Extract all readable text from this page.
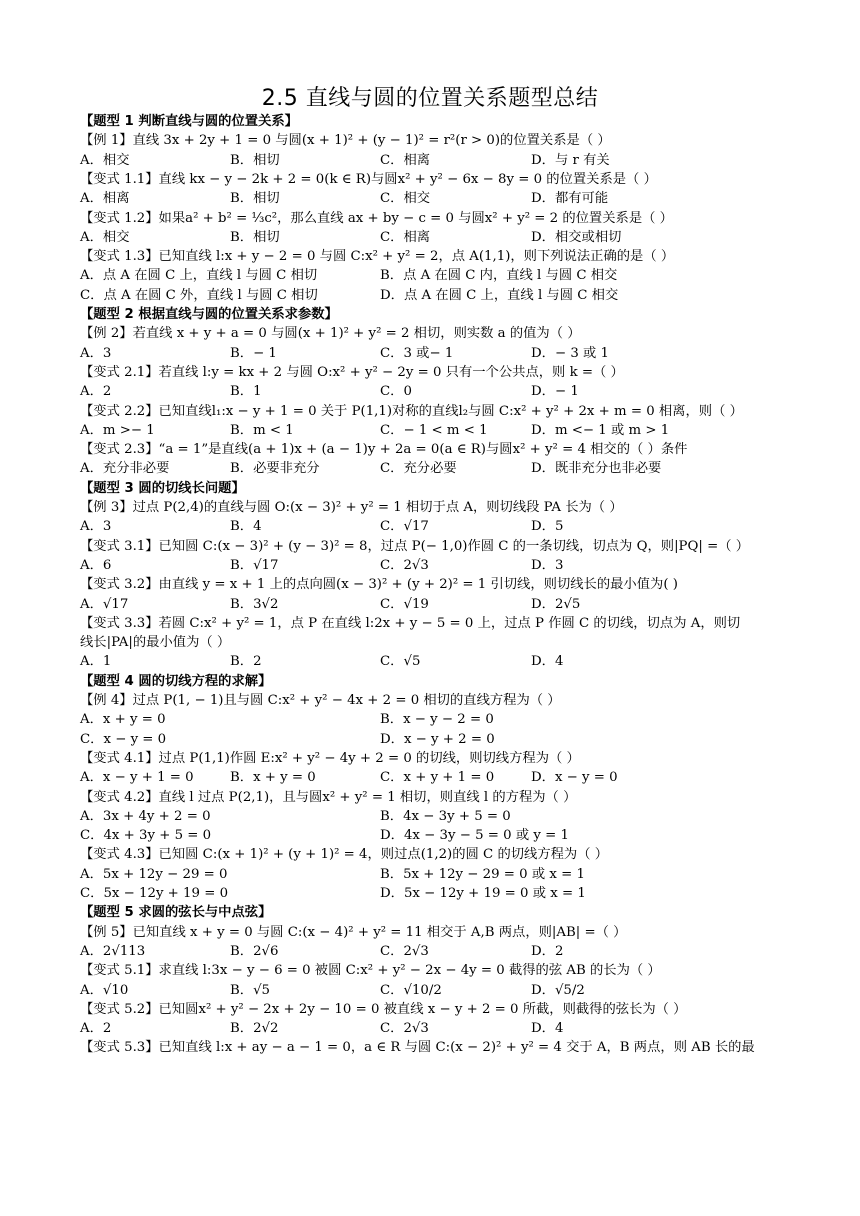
2.5 直线与圆的位置关系题型总结
【题型 1 判断直线与圆的位置关系】
【例 1】直线 3x + 2y + 1 = 0 与圆(x + 1)² + (y − 1)² = r²(r > 0)的位置关系是（ ）
A．相交	B．相切	C．相离	D．与 r 有关
【变式 1.1】直线 kx − y − 2k + 2 = 0(k ∈ R)与圆x² + y² − 6x − 8y = 0 的位置关系是（ ）
A．相离	B．相切	C．相交	D．都有可能
【变式 1.2】如果a² + b² = ⅓c²，那么直线 ax + by − c = 0 与圆x² + y² = 2 的位置关系是（ ）
A．相交	B．相切	C．相离	D．相交或相切
【变式 1.3】已知直线 l:x + y − 2 = 0 与圆 C:x² + y² = 2，点 A(1,1)，则下列说法正确的是（ ）
A．点 A 在圆 C 上，直线 l 与圆 C 相切	B．点 A 在圆 C 内，直线 l 与圆 C 相交
C．点 A 在圆 C 外，直线 l 与圆 C 相切	D．点 A 在圆 C 上，直线 l 与圆 C 相交
【题型 2 根据直线与圆的位置关系求参数】
【例 2】若直线 x + y + a = 0 与圆(x + 1)² + y² = 2 相切，则实数 a 的值为（ ）
A．3	B．− 1	C．3 或− 1	D．− 3 或 1
【变式 2.1】若直线 l:y = kx + 2 与圆 O:x² + y² − 2y = 0 只有一个公共点，则 k =（ ）
A．2	B．1	C．0	D．− 1
【变式 2.2】已知直线l₁:x − y + 1 = 0 关于 P(1,1)对称的直线l₂与圆 C:x² + y² + 2x + m = 0 相离，则（ ）
A．m >− 1	B．m < 1	C．− 1 < m < 1	D．m <− 1 或 m > 1
【变式 2.3】“a = 1”是直线(a + 1)x + (a − 1)y + 2a = 0(a ∈ R)与圆x² + y² = 4 相交的（ ）条件
A．充分非必要	B．必要非充分	C．充分必要	D．既非充分也非必要
【题型 3 圆的切线长问题】
【例 3】过点 P(2,4)的直线与圆 O:(x − 3)² + y² = 1 相切于点 A，则切线段 PA 长为（ ）
A．3	B．4	C．√17	D．5
【变式 3.1】已知圆 C:(x − 3)² + (y − 3)² = 8，过点 P(− 1,0)作圆 C 的一条切线，切点为 Q，则|PQ| =（ ）
A．6	B．√17	C．2√3	D．3
【变式 3.2】由直线 y = x + 1 上的点向圆(x − 3)² + (y + 2)² = 1 引切线，则切线长的最小值为( )
A．√17	B．3√2	C．√19	D．2√5
【变式 3.3】若圆 C:x² + y² = 1，点 P 在直线 l:2x + y − 5 = 0 上，过点 P 作圆 C 的切线，切点为 A，则切
线长|PA|的最小值为（ ）
A．1	B．2	C．√5	D．4
【题型 4 圆的切线方程的求解】
【例 4】过点 P(1, − 1)且与圆 C:x² + y² − 4x + 2 = 0 相切的直线方程为（ ）
A．x + y = 0	B．x − y − 2 = 0
C．x − y = 0	D．x − y + 2 = 0
【变式 4.1】过点 P(1,1)作圆 E:x² + y² − 4y + 2 = 0 的切线，则切线方程为（ ）
A．x − y + 1 = 0	B．x + y = 0	C．x + y + 1 = 0	D．x − y = 0
【变式 4.2】直线 l 过点 P(2,1)，且与圆x² + y² = 1 相切，则直线 l 的方程为（ ）
A．3x + 4y + 2 = 0	B．4x − 3y + 5 = 0
C．4x + 3y + 5 = 0	D．4x − 3y − 5 = 0 或 y = 1
【变式 4.3】已知圆 C:(x + 1)² + (y + 1)² = 4，则过点(1,2)的圆 C 的切线方程为（ ）
A．5x + 12y − 29 = 0	B．5x + 12y − 29 = 0 或 x = 1
C．5x − 12y + 19 = 0	D．5x − 12y + 19 = 0 或 x = 1
【题型 5 求圆的弦长与中点弦】
【例 5】已知直线 x + y = 0 与圆 C:(x − 4)² + y² = 11 相交于 A,B 两点，则|AB| =（ ）
A．2√113	B．2√6	C．2√3	D．2
【变式 5.1】求直线 l:3x − y − 6 = 0 被圆 C:x² + y² − 2x − 4y = 0 截得的弦 AB 的长为（ ）
A．√10	B．√5	C．√10/2	D．√5/2
【变式 5.2】已知圆x² + y² − 2x + 2y − 10 = 0 被直线 x − y + 2 = 0 所截，则截得的弦长为（ ）
A．2	B．2√2	C．2√3	D．4
【变式 5.3】已知直线 l:x + ay − a − 1 = 0，a ∈ R 与圆 C:(x − 2)² + y² = 4 交于 A，B 两点，则 AB 长的最
